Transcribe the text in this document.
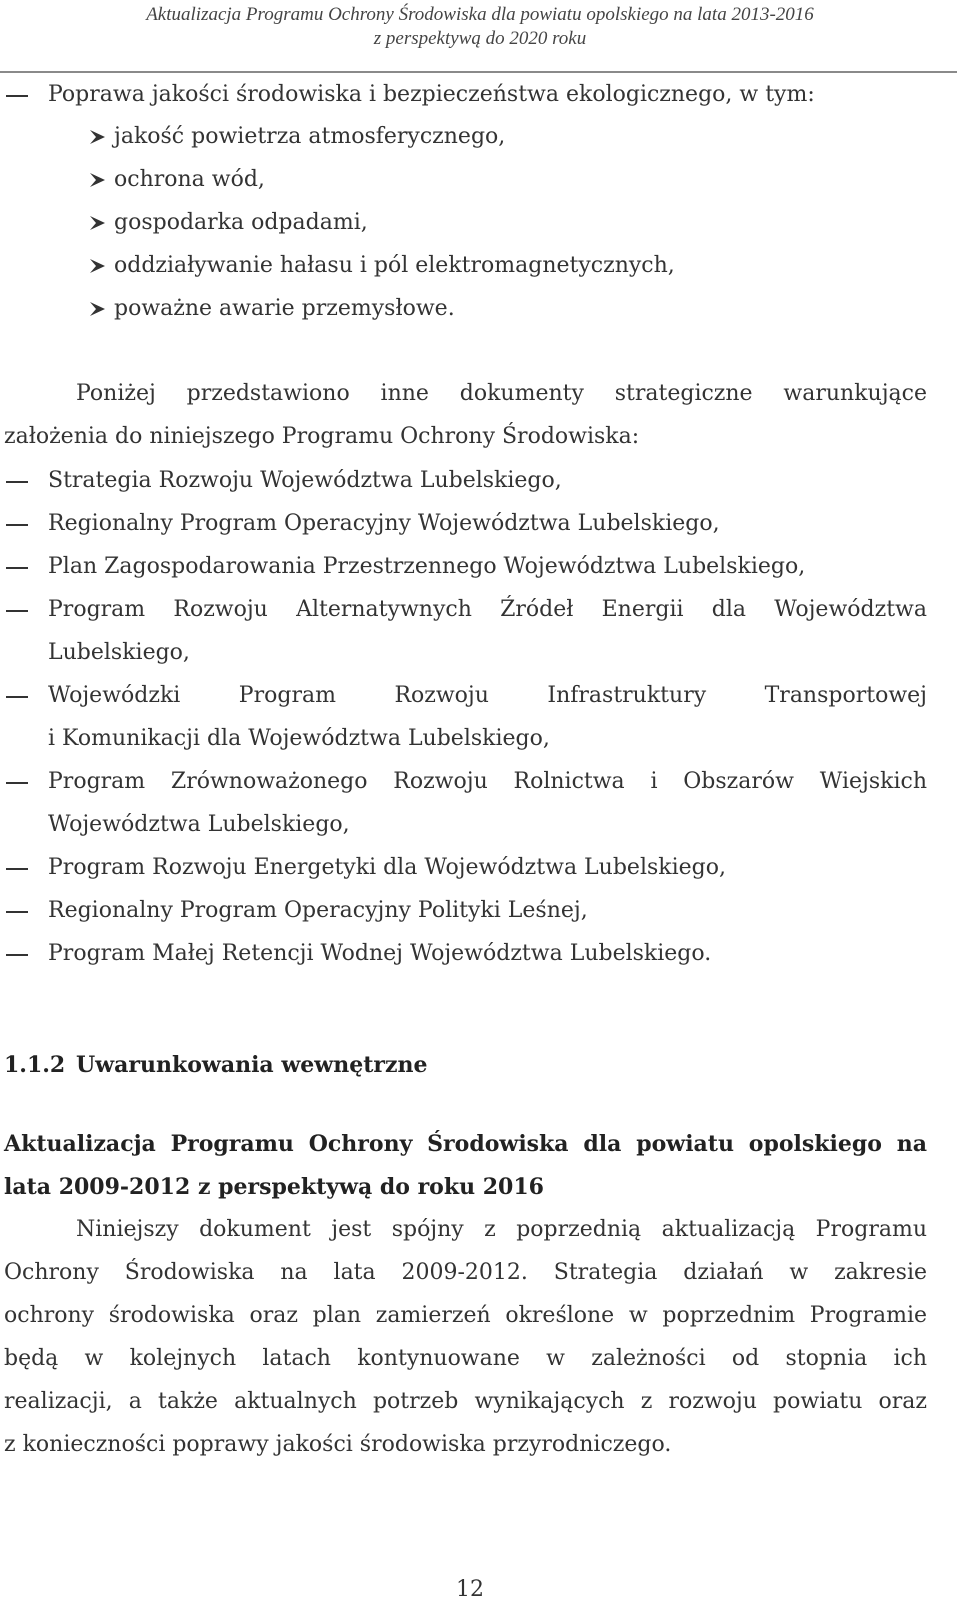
Aktualizacja Programu Ochrony Środowiska dla powiatu opolskiego na lata 2013-2016
z perspektywą do 2020 roku
Poprawa jakości środowiska i bezpieczeństwa ekologicznego, w tym:
jakość powietrza atmosferycznego,
ochrona wód,
gospodarka odpadami,
oddziaływanie hałasu i pól elektromagnetycznych,
poważne awarie przemysłowe.
Poniżej przedstawiono inne dokumenty strategiczne warunkujące
założenia do niniejszego Programu Ochrony Środowiska:
Strategia Rozwoju Województwa Lubelskiego,
Regionalny Program Operacyjny Województwa Lubelskiego,
Plan Zagospodarowania Przestrzennego Województwa Lubelskiego,
Program Rozwoju Alternatywnych Źródeł Energii dla Województwa
Lubelskiego,
Wojewódzki Program Rozwoju Infrastruktury Transportowej
i Komunikacji dla Województwa Lubelskiego,
Program Zrównoważonego Rozwoju Rolnictwa i Obszarów Wiejskich
Województwa Lubelskiego,
Program Rozwoju Energetyki dla Województwa Lubelskiego,
Regionalny Program Operacyjny Polityki Leśnej,
Program Małej Retencji Wodnej Województwa Lubelskiego.
1.1.2 Uwarunkowania wewnętrzne
Aktualizacja Programu Ochrony Środowiska dla powiatu opolskiego na
lata 2009-2012 z perspektywą do roku 2016
Niniejszy dokument jest spójny z poprzednią aktualizacją Programu
Ochrony Środowiska na lata 2009-2012. Strategia działań w zakresie
ochrony środowiska oraz plan zamierzeń określone w poprzednim Programie
będą w kolejnych latach kontynuowane w zależności od stopnia ich
realizacji, a także aktualnych potrzeb wynikających z rozwoju powiatu oraz
z konieczności poprawy jakości środowiska przyrodniczego.
12
